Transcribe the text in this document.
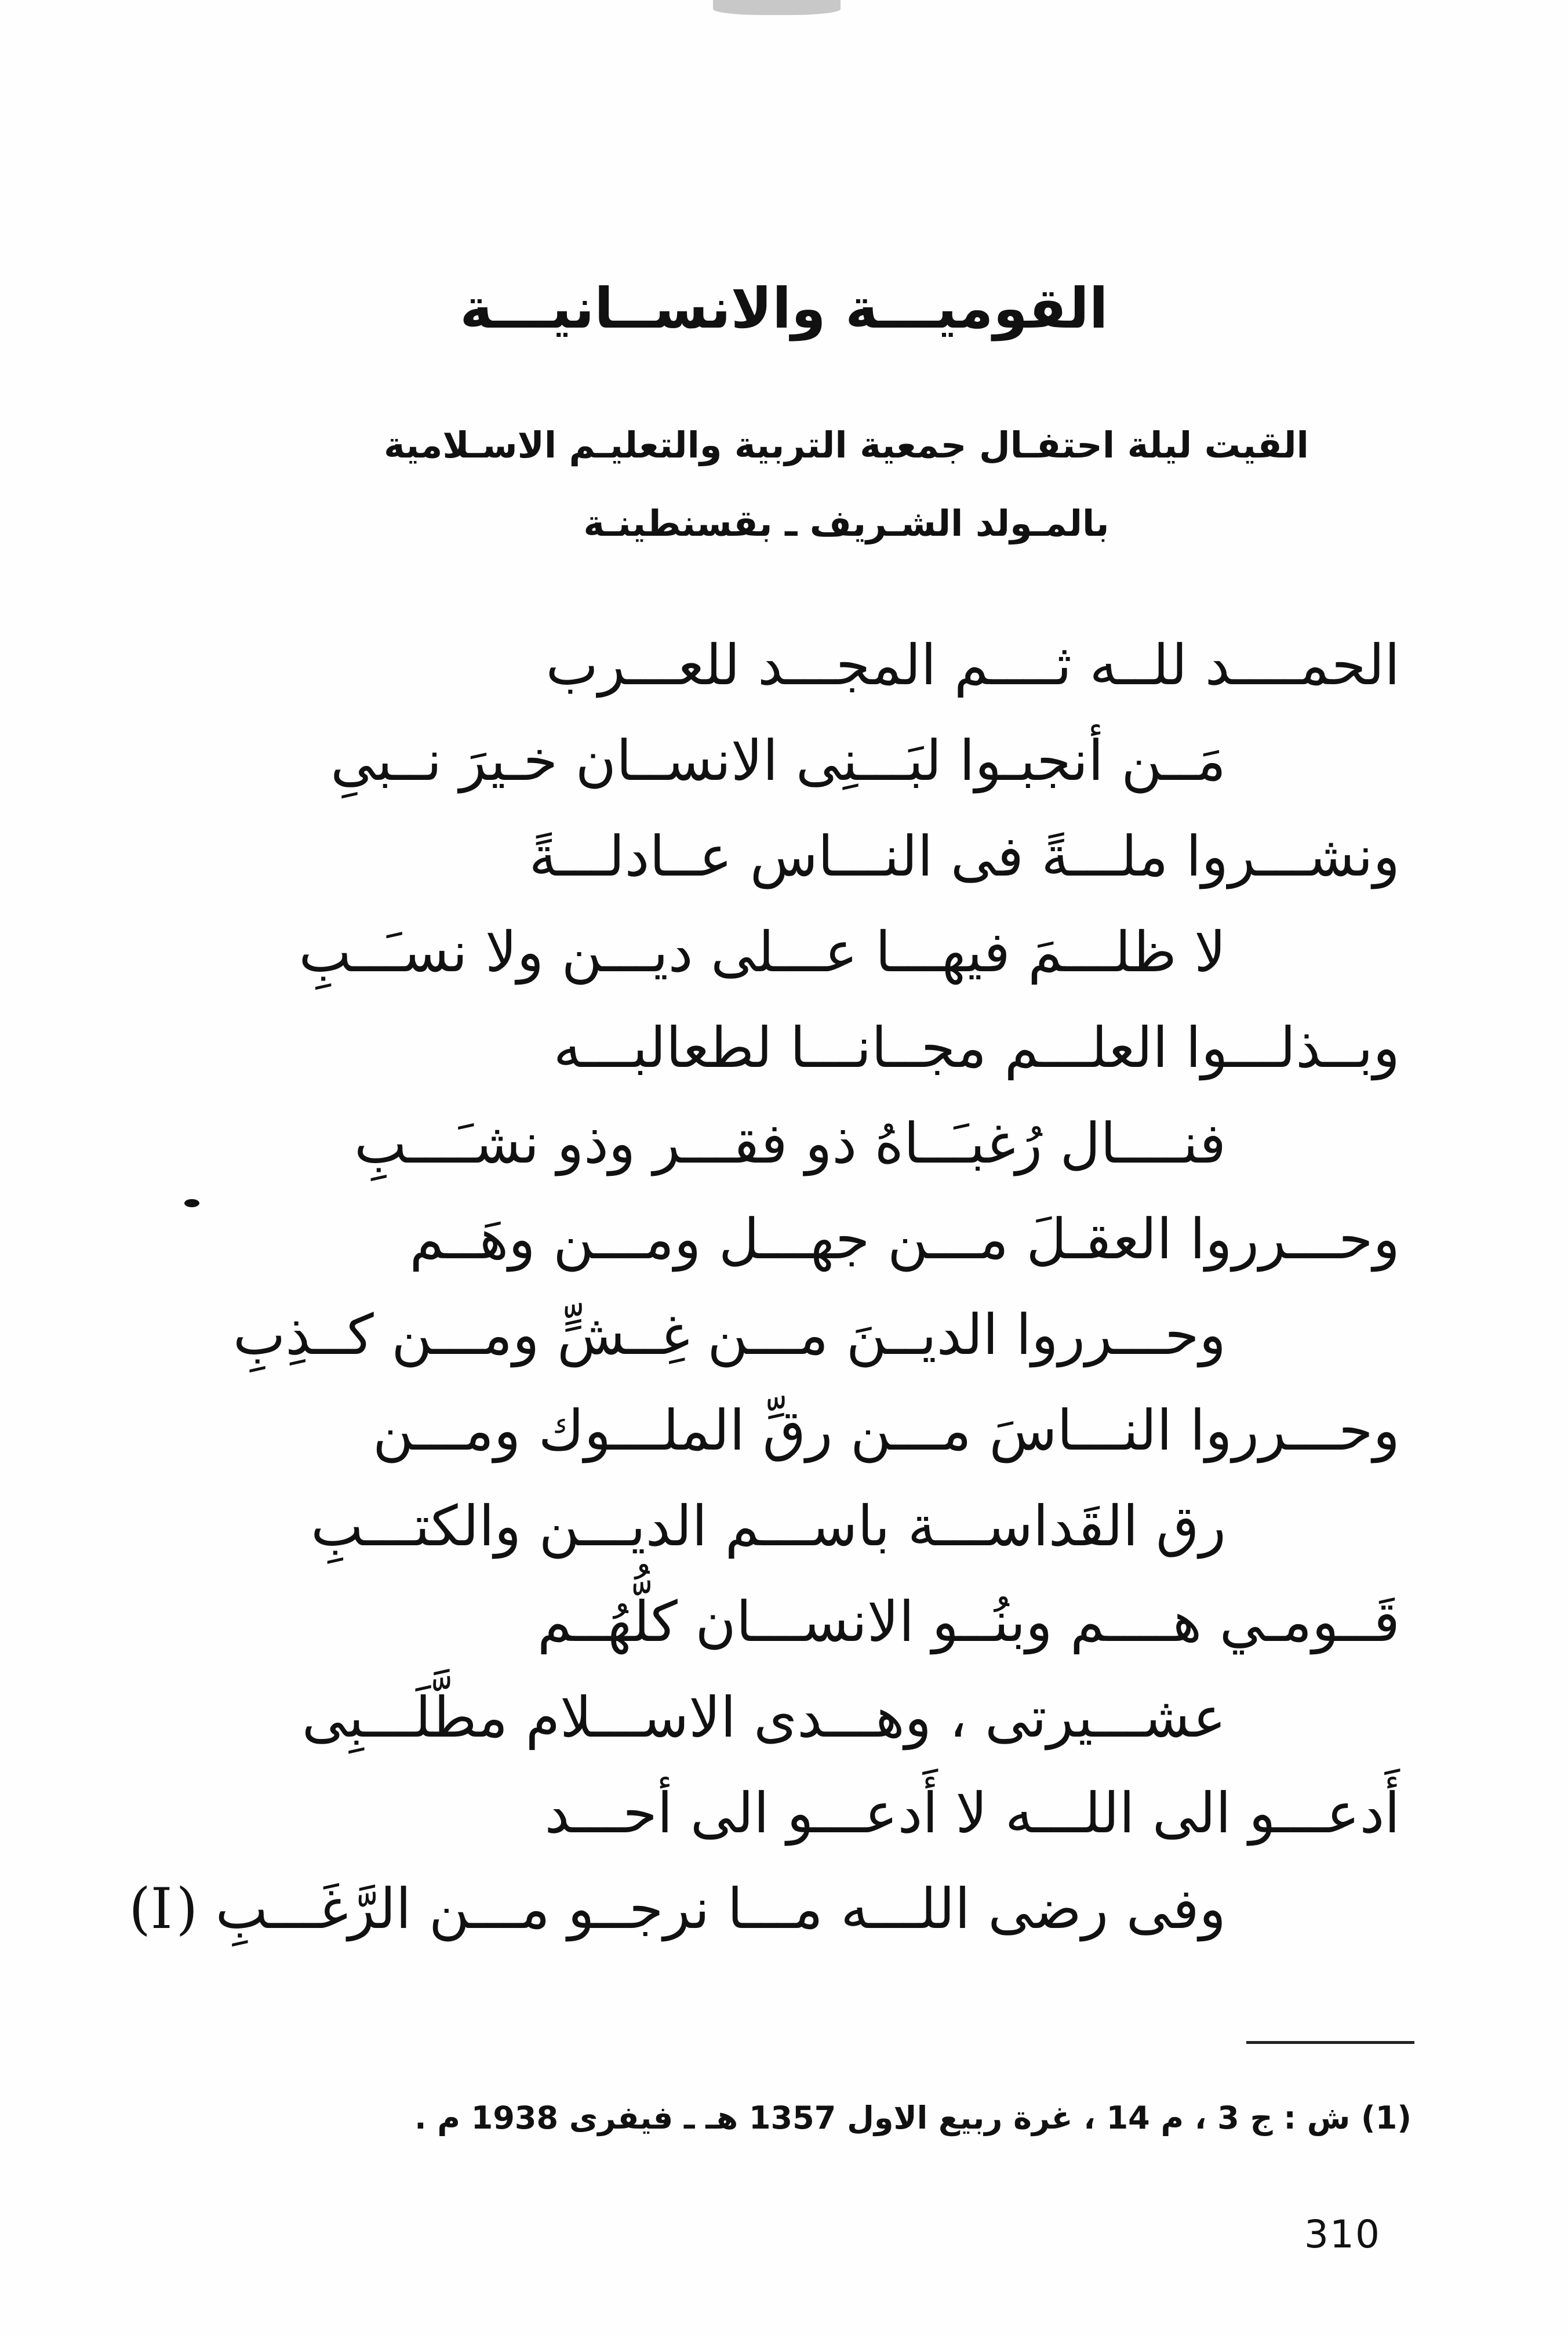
القوميـــة والانســانيـــة
القيت ليلة احتفـال جمعية التربية والتعليـم الاسـلامية
بالمـولد الشـريف ـ بقسنطينـة
الحمــــد للــه ثــــم المجـــد للعـــرب
مَــن أنجبـوا لبَـــنِى الانســان خـيرَ نــبىِ
ونشـــروا ملـــةً فى النـــاس عــادلـــةً
لا ظلـــمَ فيهـــا عـــلى ديـــن ولا نسـَــبِ
وبــذلـــوا العلـــم مجــانـــا لطعالبـــه
فنــــال رُغبـَــاهُ ذو فقـــر وذو نشـَـــبِ
وحـــرروا العقـلَ مـــن جهـــل ومـــن وهَــم
وحـــرروا الديــنَ مـــن غِــشٍّ ومـــن كــذِبِ
وحـــرروا النـــاسَ مـــن رقِّ الملـــوك ومـــن
رق القَداســـة باســـم الديـــن والكتـــبِ
قَــومـي هــــم وبنُــو الانســـان كلُّهُــم
عشـــيرتى ، وهـــدى الاســـلام مطَّلَـــبِى
أَدعـــو الى اللـــه لا أَدعـــو الى أحـــد
وفى رضى اللـــه مـــا نرجــو مـــن الرَّغَـــبِ (I)
(1) ش : ج 3 ، م 14 ، غرة ربيع الاول 1357 هـ ـ فيفرى 1938 م .
310
